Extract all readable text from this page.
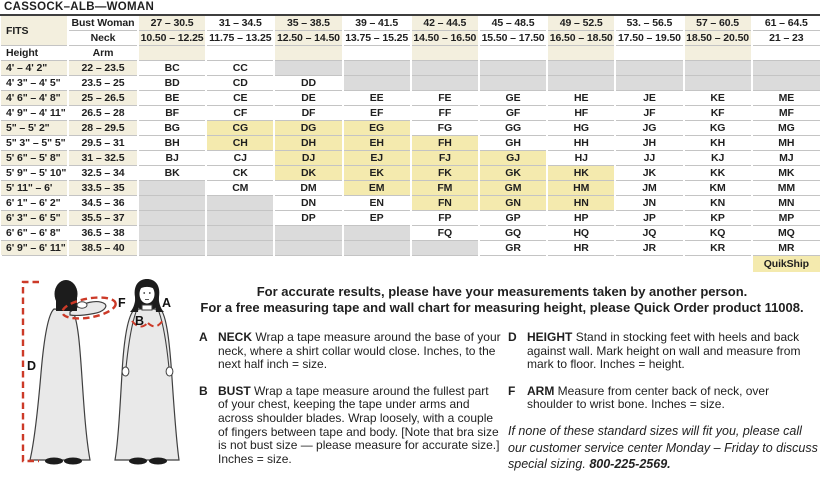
CASSOCK–ALB—WOMAN
FITS	Bust Woman	27 – 30.5	31 – 34.5	35 – 38.5	39 – 41.5	42 – 44.5	45 – 48.5	49 – 52.5	53. – 56.5	57 – 60.5	61 – 64.5
	Neck	10.50 – 12.25	11.75 – 13.25	12.50 – 14.50	13.75 – 15.25	14.50 – 16.50	15.50 – 17.50	16.50 – 18.50	17.50 – 19.50	18.50 – 20.50	21 – 23
Height	Arm										
4' – 4' 2"	22 – 23.5	BC	CC								
4' 3" – 4' 5"	23.5 – 25	BD	CD	DD							
4' 6" – 4' 8"	25 – 26.5	BE	CE	DE	EE	FE	GE	HE	JE	KE	ME
4' 9" – 4' 11"	26.5 – 28	BF	CF	DF	EF	FF	GF	HF	JF	KF	MF
5" – 5' 2"	28 – 29.5	BG	CG	DG	EG	FG	GG	HG	JG	KG	MG
5" 3" – 5" 5"	29.5 – 31	BH	CH	DH	EH	FH	GH	HH	JH	KH	MH
5' 6" – 5' 8"	31 – 32.5	BJ	CJ	DJ	EJ	FJ	GJ	HJ	JJ	KJ	MJ
5' 9" – 5' 10"	32.5 – 34	BK	CK	DK	EK	FK	GK	HK	JK	KK	MK
5' 11" – 6'	33.5 – 35		CM	DM	EM	FM	GM	HM	JM	KM	MM
6' 1" – 6' 2"	34.5 – 36			DN	EN	FN	GN	HN	JN	KN	MN
6' 3" – 6' 5"	35.5 – 37			DP	EP	FP	GP	HP	JP	KP	MP
6' 6" – 6' 8"	36.5 – 38					FQ	GQ	HQ	JQ	KQ	MQ
6' 9" – 6' 11"	38.5 – 40						GR	HR	JR	KR	MR
											QuikShip
D
F	A
B
For accurate results, please have your measurements taken by another person.
For a free measuring tape and wall chart for measuring height, please Quick Order product 11008.
A NECK Wrap a tape measure around the base of your neck, where a shirt collar would close. Inches, to the next half inch = size.
B BUST Wrap a tape measure around the fullest part of your chest, keeping the tape under arms and across shoulder blades. Wrap loosely, with a couple of fingers between tape and body. [Note that bra size is not bust size — please measure for accurate size.] Inches = size.
D HEIGHT Stand in stocking feet with heels and back against wall. Mark height on wall and measure from mark to floor. Inches = height.
F ARM Measure from center back of neck, over shoulder to wrist bone. Inches = size.
If none of these standard sizes will fit you, please call our customer service center Monday – Friday to discuss special sizing. 800-225-2569.
